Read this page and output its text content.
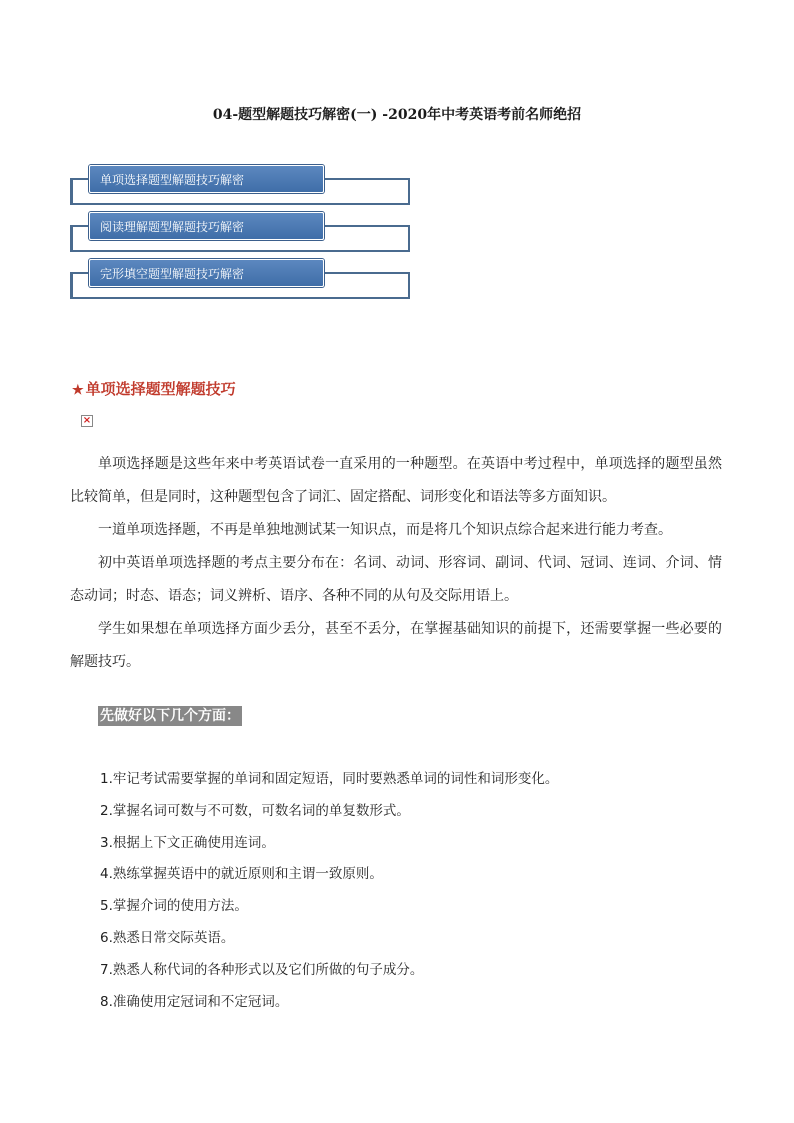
04-题型解题技巧解密(一) -2020年中考英语考前名师绝招
单项选择题型解题技巧解密
阅读理解题型解题技巧解密
完形填空题型解题技巧解密
★ 单项选择题型解题技巧
×

单项选择题是这些年来中考英语试卷一直采用的一种题型。在英语中考过程中，单项选择的题型虽然比较简单，但是同时，这种题型包含了词汇、固定搭配、词形变化和语法等多方面知识。

一道单项选择题，不再是单独地测试某一知识点，而是将几个知识点综合起来进行能力考查。

初中英语单项选择题的考点主要分布在：名词、动词、形容词、副词、代词、冠词、连词、介词、情态动词；时态、语态；词义辨析、语序、各种不同的从句及交际用语上。

学生如果想在单项选择方面少丢分，甚至不丢分，在掌握基础知识的前提下，还需要掌握一些必要的解题技巧。

先做好以下几个方面：

1.牢记考试需要掌握的单词和固定短语，同时要熟悉单词的词性和词形变化。

2.掌握名词可数与不可数，可数名词的单复数形式。

3.根据上下文正确使用连词。

4.熟练掌握英语中的就近原则和主谓一致原则。

5.掌握介词的使用方法。

6.熟悉日常交际英语。

7.熟悉人称代词的各种形式以及它们所做的句子成分。

8.准确使用定冠词和不定冠词。
